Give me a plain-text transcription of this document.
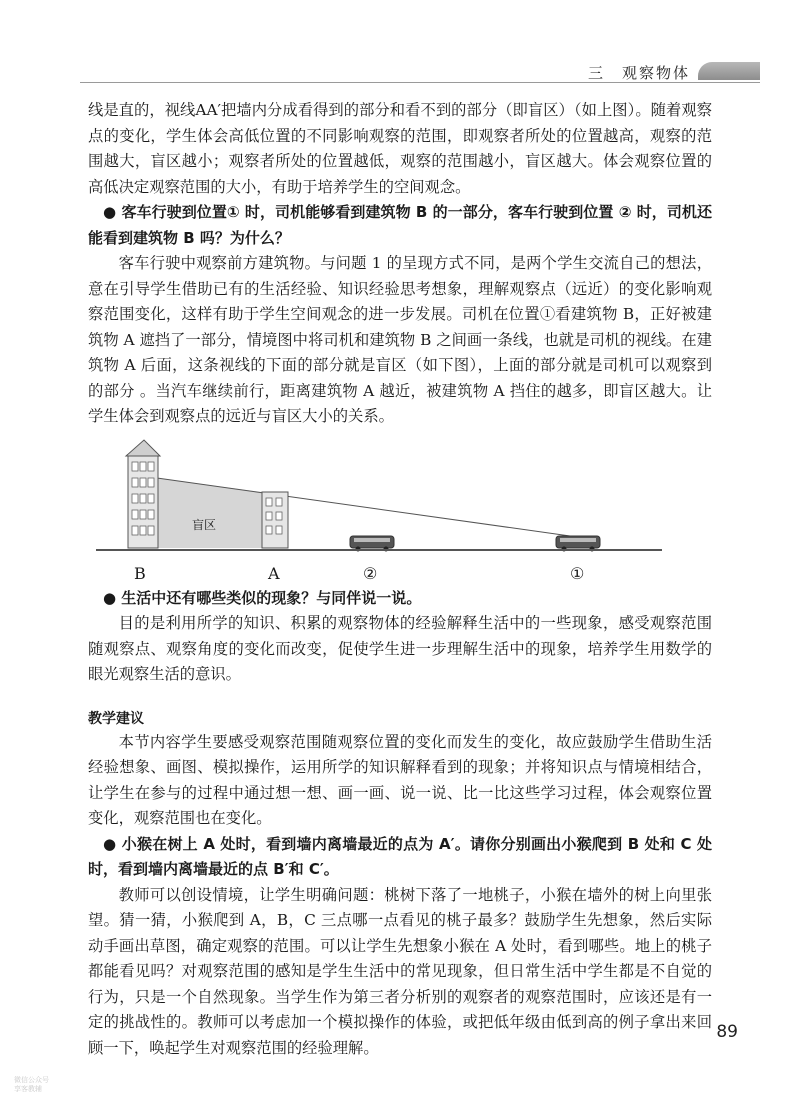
三　观察物体

线是直的，视线AA′把墙内分成看得到的部分和看不到的部分（即盲区）（如上图）。随着观察点的变化，学生体会高低位置的不同影响观察的范围，即观察者所处的位置越高，观察的范围越大，盲区越小；观察者所处的位置越低，观察的范围越小，盲区越大。体会观察位置的高低决定观察范围的大小，有助于培养学生的空间观念。

● 客车行驶到位置① 时，司机能够看到建筑物 B 的一部分，客车行驶到位置 ② 时，司机还能看到建筑物 B 吗？为什么？

客车行驶中观察前方建筑物。与问题 1 的呈现方式不同，是两个学生交流自己的想法，意在引导学生借助已有的生活经验、知识经验思考想象，理解观察点（远近）的变化影响观察范围变化，这样有助于学生空间观念的进一步发展。司机在位置①看建筑物 B，正好被建筑物 A 遮挡了一部分，情境图中将司机和建筑物 B 之间画一条线，也就是司机的视线。在建筑物 A 后面，这条视线的下面的部分就是盲区（如下图），上面的部分就是司机可以观察到的部分 。当汽车继续前行，距离建筑物 A 越近，被建筑物 A 挡住的越多，即盲区越大。让学生体会到观察点的远近与盲区大小的关系。

盲区
B	A	②	①

● 生活中还有哪些类似的现象？与同伴说一说。

目的是利用所学的知识、积累的观察物体的经验解释生活中的一些现象，感受观察范围随观察点、观察角度的变化而改变，促使学生进一步理解生活中的现象，培养学生用数学的眼光观察生活的意识。

教学建议

本节内容学生要感受观察范围随观察位置的变化而发生的变化，故应鼓励学生借助生活经验想象、画图、模拟操作，运用所学的知识解释看到的现象；并将知识点与情境相结合，让学生在参与的过程中通过想一想、画一画、说一说、比一比这些学习过程，体会观察位置变化，观察范围也在变化。

● 小猴在树上 A 处时，看到墙内离墙最近的点为 A′。请你分别画出小猴爬到 B 处和 C 处时，看到墙内离墙最近的点 B′和 C′。

教师可以创设情境，让学生明确问题：桃树下落了一地桃子，小猴在墙外的树上向里张望。猜一猜，小猴爬到 A，B，C 三点哪一点看见的桃子最多？鼓励学生先想象，然后实际动手画出草图，确定观察的范围。可以让学生先想象小猴在 A 处时，看到哪些。地上的桃子都能看见吗？对观察范围的感知是学生生活中的常见现象，但日常生活中学生都是不自觉的行为，只是一个自然现象。当学生作为第三者分析别的观察者的观察范围时，应该还是有一定的挑战性的。教师可以考虑加一个模拟操作的体验，或把低年级由低到高的例子拿出来回顾一下，唤起学生对观察范围的经验理解。

89
微信公众号
享客教辅
